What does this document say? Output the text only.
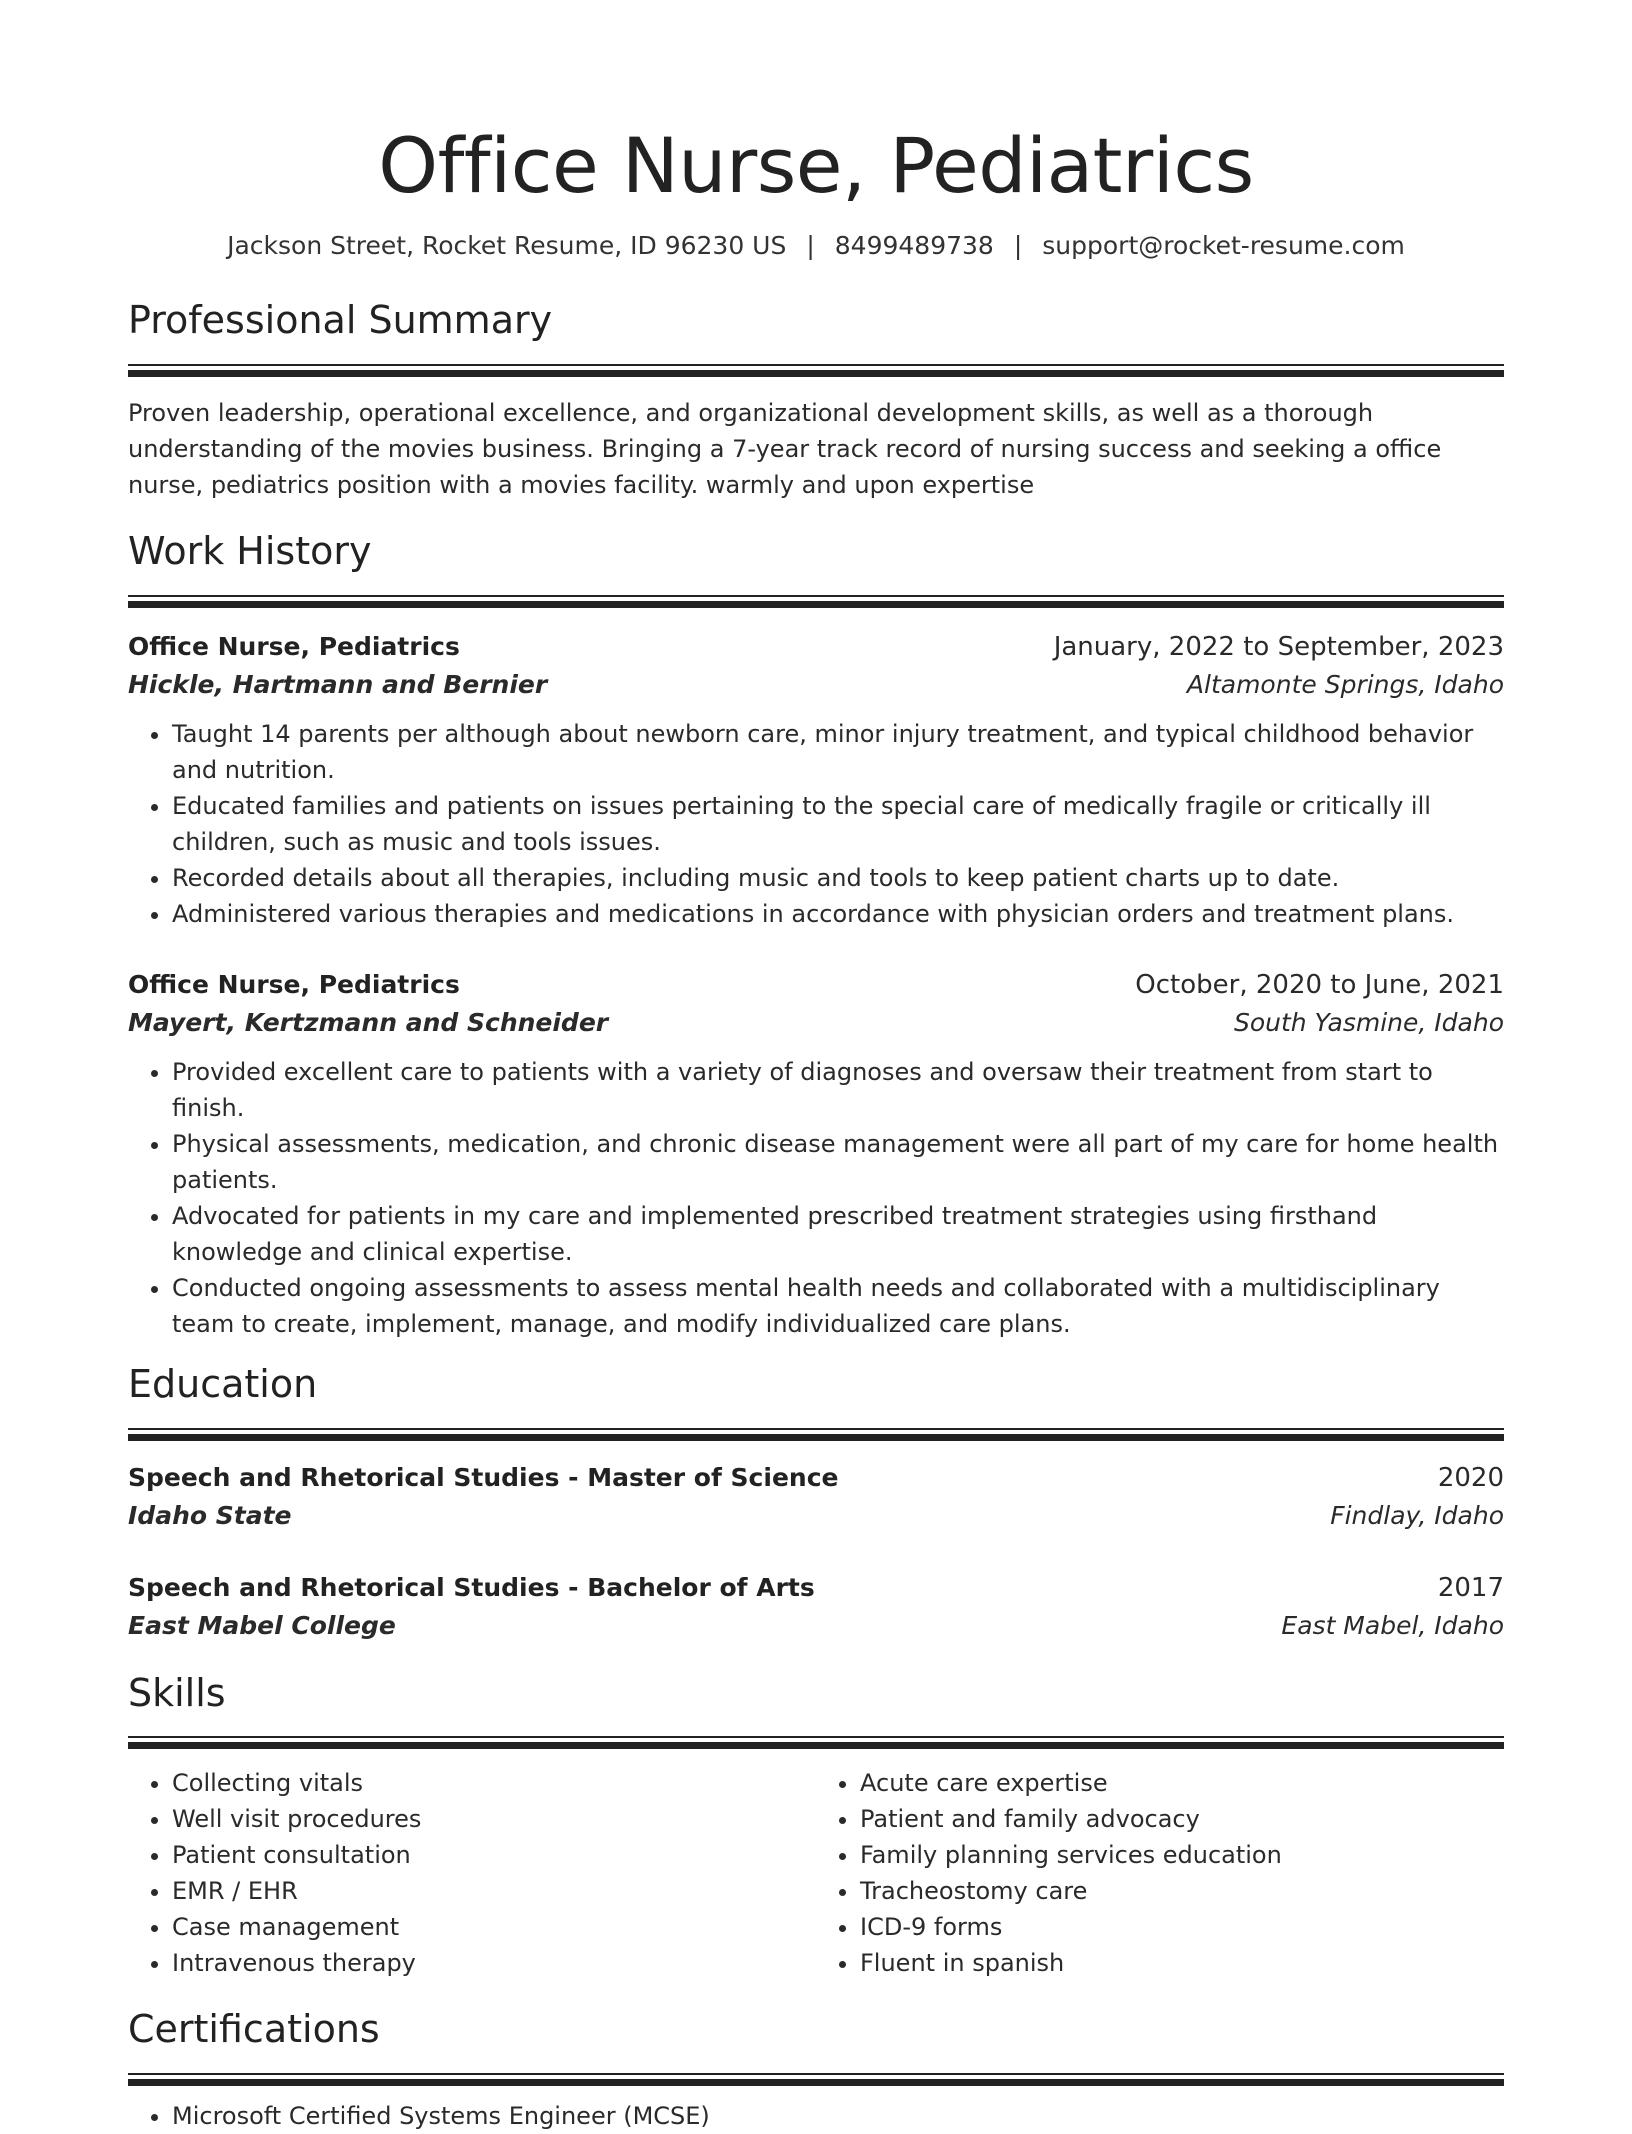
Office Nurse, Pediatrics
Jackson Street, Rocket Resume, ID 96230 US | 8499489738 | support@rocket-resume.com
Professional Summary
Proven leadership, operational excellence, and organizational development skills, as well as a thorough understanding of the movies business. Bringing a 7-year track record of nursing success and seeking a office nurse, pediatrics position with a movies facility. warmly and upon expertise
Work History
Office Nurse, Pediatrics	January, 2022 to September, 2023
Hickle, Hartmann and Bernier	Altamonte Springs, Idaho
• Taught 14 parents per although about newborn care, minor injury treatment, and typical childhood behavior and nutrition.
• Educated families and patients on issues pertaining to the special care of medically fragile or critically ill children, such as music and tools issues.
• Recorded details about all therapies, including music and tools to keep patient charts up to date.
• Administered various therapies and medications in accordance with physician orders and treatment plans.
Office Nurse, Pediatrics	October, 2020 to June, 2021
Mayert, Kertzmann and Schneider	South Yasmine, Idaho
• Provided excellent care to patients with a variety of diagnoses and oversaw their treatment from start to finish.
• Physical assessments, medication, and chronic disease management were all part of my care for home health patients.
• Advocated for patients in my care and implemented prescribed treatment strategies using firsthand knowledge and clinical expertise.
• Conducted ongoing assessments to assess mental health needs and collaborated with a multidisciplinary team to create, implement, manage, and modify individualized care plans.
Education
Speech and Rhetorical Studies - Master of Science	2020
Idaho State	Findlay, Idaho
Speech and Rhetorical Studies - Bachelor of Arts	2017
East Mabel College	East Mabel, Idaho
Skills
• Collecting vitals
• Well visit procedures
• Patient consultation
• EMR / EHR
• Case management
• Intravenous therapy
• Acute care expertise
• Patient and family advocacy
• Family planning services education
• Tracheostomy care
• ICD-9 forms
• Fluent in spanish
Certifications
• Microsoft Certified Systems Engineer (MCSE)
